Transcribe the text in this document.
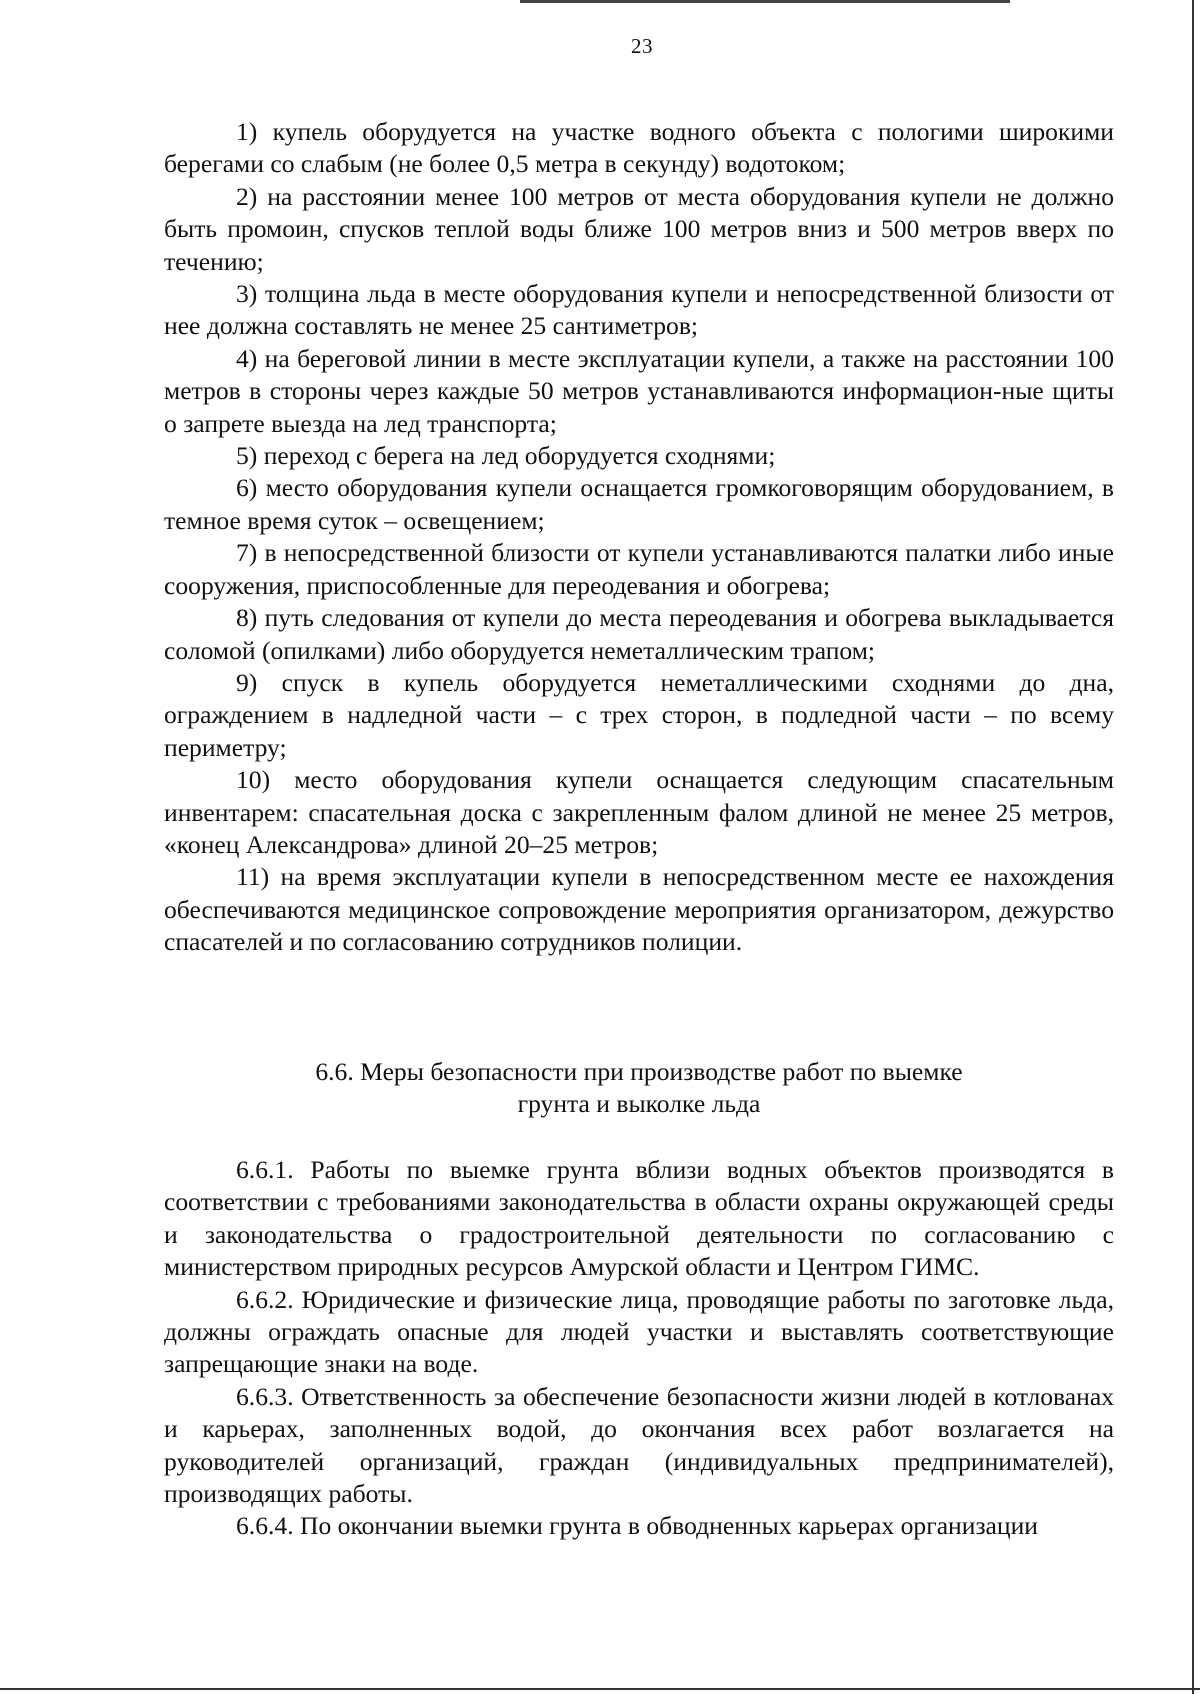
23

1) купель оборудуется на участке водного объекта с пологими широкими берегами со слабым (не более 0,5 метра в секунду) водотоком;

2) на расстоянии менее 100 метров от места оборудования купели не должно быть промоин, спусков теплой воды ближе 100 метров вниз и 500 метров вверх по течению;

3) толщина льда в месте оборудования купели и непосредственной близости от нее должна составлять не менее 25 сантиметров;

4) на береговой линии в месте эксплуатации купели, а также на расстоянии 100 метров в стороны через каждые 50 метров устанавливаются информацион-ные щиты о запрете выезда на лед транспорта;

5) переход с берега на лед оборудуется сходнями;

6) место оборудования купели оснащается громкоговорящим оборудованием, в темное время суток – освещением;

7) в непосредственной близости от купели устанавливаются палатки либо иные сооружения, приспособленные для переодевания и обогрева;

8) путь следования от купели до места переодевания и обогрева выкладывается соломой (опилками) либо оборудуется неметаллическим трапом;

9) спуск в купель оборудуется неметаллическими сходнями до дна, ограждением в надледной части – с трех сторон, в подледной части – по всему периметру;

10) место оборудования купели оснащается следующим спасательным инвентарем: спасательная доска с закрепленным фалом длиной не менее 25 метров, «конец Александрова» длиной 20–25 метров;

11) на время эксплуатации купели в непосредственном месте ее нахождения обеспечиваются медицинское сопровождение мероприятия организатором, дежурство спасателей и по согласованию сотрудников полиции.

6.6. Меры безопасности при производстве работ по выемке
грунта и выколке льда

6.6.1. Работы по выемке грунта вблизи водных объектов производятся в соответствии с требованиями законодательства в области охраны окружающей среды и законодательства о градостроительной деятельности по согласованию с министерством природных ресурсов Амурской области и Центром ГИМС.

6.6.2. Юридические и физические лица, проводящие работы по заготовке льда, должны ограждать опасные для людей участки и выставлять соответствующие запрещающие знаки на воде.

6.6.3. Ответственность за обеспечение безопасности жизни людей в котлованах и карьерах, заполненных водой, до окончания всех работ возлагается на руководителей организаций, граждан (индивидуальных предпринимателей), производящих работы.

6.6.4. По окончании выемки грунта в обводненных карьерах организации
